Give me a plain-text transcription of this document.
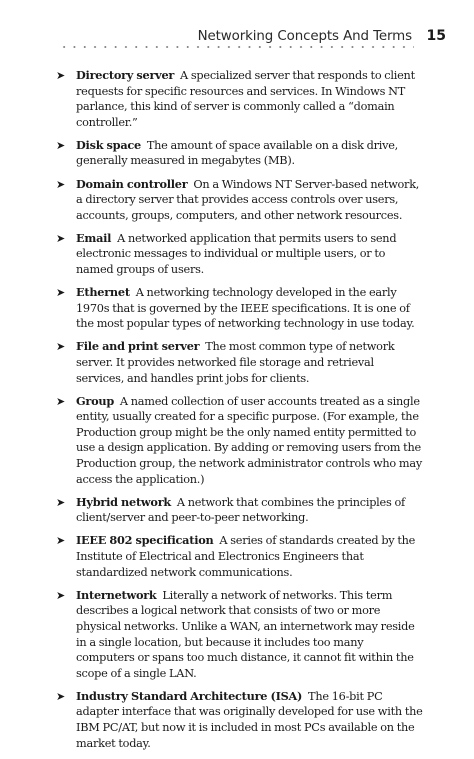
Networking Concepts And Terms 15
➤ Directory server A specialized server that responds to client requests for specific resources and services. In Windows NT parlance, this kind of server is commonly called a “domain controller.”
➤ Disk space The amount of space available on a disk drive, generally measured in megabytes (MB).
➤ Domain controller On a Windows NT Server-based network, a directory server that provides access controls over users, accounts, groups, computers, and other network resources.
➤ Email A networked application that permits users to send electronic messages to individual or multiple users, or to named groups of users.
➤ Ethernet A networking technology developed in the early 1970s that is governed by the IEEE specifications. It is one of the most popular types of networking technology in use today.
➤ File and print server The most common type of network server. It provides networked file storage and retrieval services, and handles print jobs for clients.
➤ Group A named collection of user accounts treated as a single entity, usually created for a specific purpose. (For example, the Production group might be the only named entity permitted to use a design application. By adding or removing users from the Production group, the network administrator controls who may access the application.)
➤ Hybrid network A network that combines the principles of client/server and peer-to-peer networking.
➤ IEEE 802 specification A series of standards created by the Institute of Electrical and Electronics Engineers that standardized network communications.
➤ Internetwork Literally a network of networks. This term describes a logical network that consists of two or more physical networks. Unlike a WAN, an internetwork may reside in a single location, but because it includes too many computers or spans too much distance, it cannot fit within the scope of a single LAN.
➤ Industry Standard Architecture (ISA) The 16-bit PC adapter interface that was originally developed for use with the IBM PC/AT, but now it is included in most PCs available on the market today.
